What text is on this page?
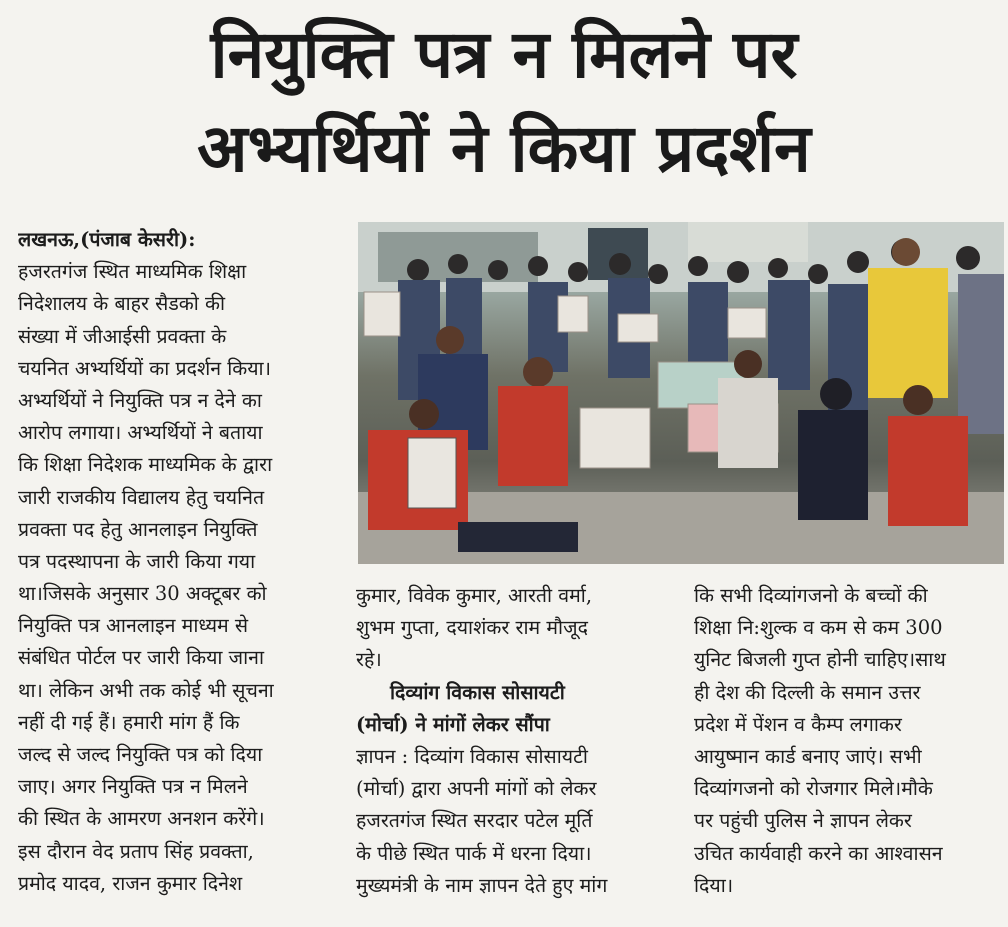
नियुक्ति पत्र न मिलने पर
अभ्यर्थियों ने किया प्रदर्शन
लखनऊ,(पंजाब केसरी):
हजरतगंज स्थित माध्यमिक शिक्षा
निदेशालय के बाहर सैडको की
संख्या में जीआईसी प्रवक्ता के
चयनित अभ्यर्थियों का प्रदर्शन किया।
अभ्यर्थियों ने नियुक्ति पत्र न देने का
आरोप लगाया। अभ्यर्थियों ने बताया
कि शिक्षा निदेशक माध्यमिक के द्वारा
जारी राजकीय विद्यालय हेतु चयनित
प्रवक्ता पद हेतु आनलाइन नियुक्ति
पत्र पदस्थापना के जारी किया गया
था।जिसके अनुसार 30 अक्टूबर को
नियुक्ति पत्र आनलाइन माध्यम से
संबंधित पोर्टल पर जारी किया जाना
था। लेकिन अभी तक कोई भी सूचना
नहीं दी गई हैं। हमारी मांग हैं कि
जल्द से जल्द नियुक्ति पत्र को दिया
जाए। अगर नियुक्ति पत्र न मिलने
की स्थित के आमरण अनशन करेंगे।
इस दौरान वेद प्रताप सिंह प्रवक्ता,
प्रमोद यादव, राजन कुमार दिनेश
कुमार, विवेक कुमार, आरती वर्मा,
शुभम गुप्ता, दयाशंकर राम मौजूद
रहे।
दिव्यांग विकास सोसायटी
(मोर्चा) ने मांगों लेकर सौंपा
ज्ञापन : दिव्यांग विकास सोसायटी
(मोर्चा) द्वारा अपनी मांगों को लेकर
हजरतगंज स्थित सरदार पटेल मूर्ति
के पीछे स्थित पार्क में धरना दिया।
मुख्यमंत्री के नाम ज्ञापन देते हुए मांग
कि सभी दिव्यांगजनो के बच्चों की
शिक्षा नि:शुल्क व कम से कम 300
युनिट बिजली गुप्त होनी चाहिए।साथ
ही देश की दिल्ली के समान उत्तर
प्रदेश में पेंशन व कैम्प लगाकर
आयुष्मान कार्ड बनाए जाएं। सभी
दिव्यांगजनो को रोजगार मिले।मौके
पर पहुंची पुलिस ने ज्ञापन लेकर
उचित कार्यवाही करने का आश्वासन
दिया।
